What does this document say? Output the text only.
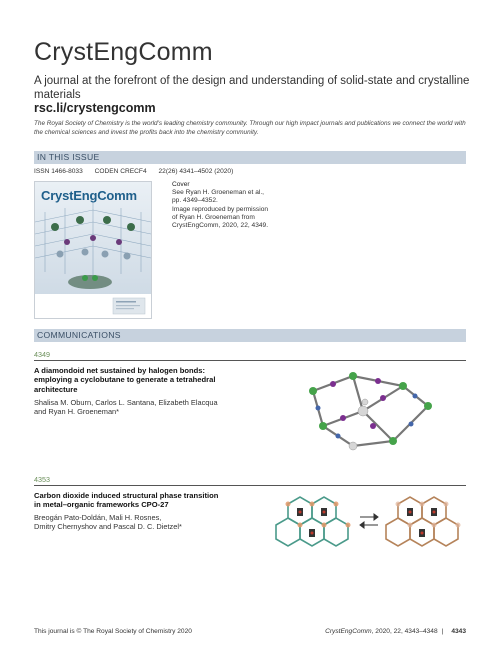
CrystEngComm
A journal at the forefront of the design and understanding of solid-state and crystalline materials
rsc.li/crystengcomm
The Royal Society of Chemistry is the world’s leading chemistry community. Through our high impact journals and publications we connect the world with the chemical sciences and invest the profits back into the chemistry community.
IN THIS ISSUE
ISSN 1466-8033 CODEN CRECF4 22(26) 4341–4502 (2020)
CrystEngComm
Cover
See Ryan H. Groeneman et al.,
pp. 4349–4352.
Image reproduced by permission
of Ryan H. Groeneman from
CrystEngComm, 2020, 22, 4349.
COMMUNICATIONS
4349
A diamondoid net sustained by halogen bonds:
employing a cyclobutane to generate a tetrahedral
architecture
Shalisa M. Oburn, Carlos L. Santana, Elizabeth Elacqua
and Ryan H. Groeneman*
4353
Carbon dioxide induced structural phase transition
in metal–organic frameworks CPO-27
Breogán Pato-Doldán, Mali H. Rosnes,
Dmitry Chernyshov and Pascal D. C. Dietzel*
This journal is © The Royal Society of Chemistry 2020	CrystEngComm, 2020, 22, 4343–4348 | 4343
